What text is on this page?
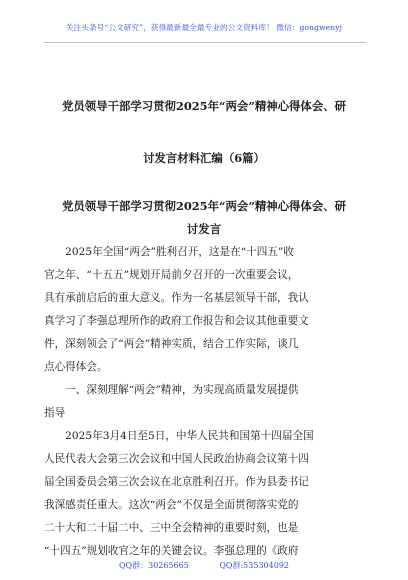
关注头条号“公文研究”，获得最新最全最专业的公文资料库！ 微信：gongwenyj
党员领导干部学习贯彻2025年“两会”精神心得体会、研
讨发言材料汇编（6篇）
党员领导干部学习贯彻2025年“两会”精神心得体会、研
讨发言
　　2025年全国“两会”胜利召开，这是在“十四五”收
官之年、“十五五”规划开局前夕召开的一次重要会议，
具有承前启后的重大意义。作为一名基层领导干部，我认
真学习了李强总理所作的政府工作报告和会议其他重要文
件，深刻领会了“两会”精神实质，结合工作实际，谈几
点心得体会。
　　一、深刻理解“两会”精神，为实现高质量发展提供
指导
　　2025年3月4日至5日，中华人民共和国第十四届全国
人民代表大会第三次会议和中国人民政治协商会议第十四
届全国委员会第三次会议在北京胜利召开。作为县委书记
我深感责任重大。这次“两会”不仅是全面贯彻落实党的
二十大和二十届二中、三中全会精神的重要时刻，也是
“十四五”规划收官之年的关键会议。李强总理的《政府
QQ群：30265665	QQ群:535304092
